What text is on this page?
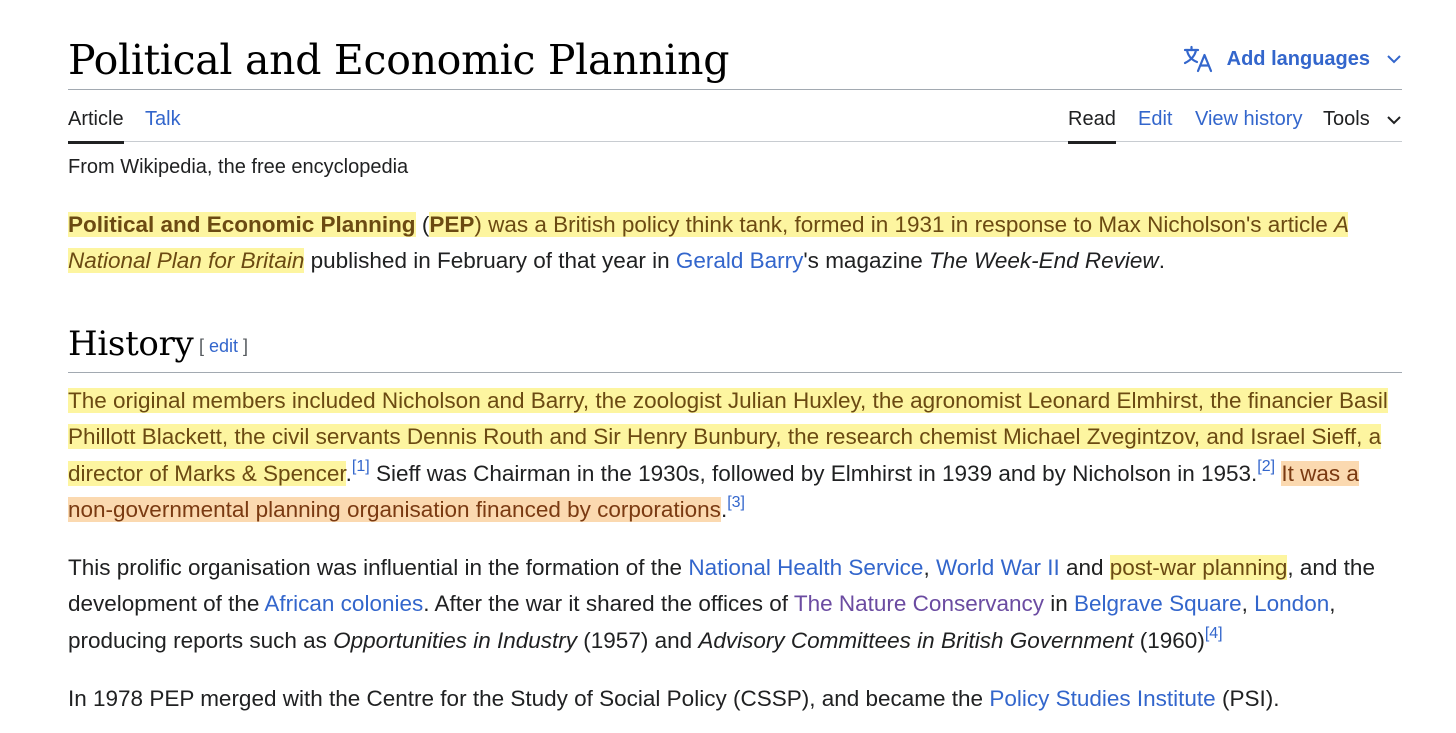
Political and Economic Planning	Add languages
Article Talk	Read Edit View history Tools
From Wikipedia, the free encyclopedia

Political and Economic Planning (PEP) was a British policy think tank, formed in 1931 in response to Max Nicholson's article A National Plan for Britain published in February of that year in Gerald Barry's magazine The Week-End Review.

History [ edit ]

The original members included Nicholson and Barry, the zoologist Julian Huxley, the agronomist Leonard Elmhirst, the financier Basil Phillott Blackett, the civil servants Dennis Routh and Sir Henry Bunbury, the research chemist Michael Zvegintzov, and Israel Sieff, a director of Marks & Spencer.[1] Sieff was Chairman in the 1930s, followed by Elmhirst in 1939 and by Nicholson in 1953.[2] It was a non-governmental planning organisation financed by corporations.[3]

This prolific organisation was influential in the formation of the National Health Service, World War II and post-war planning, and the development of the African colonies. After the war it shared the offices of The Nature Conservancy in Belgrave Square, London, producing reports such as Opportunities in Industry (1957) and Advisory Committees in British Government (1960)[4]

In 1978 PEP merged with the Centre for the Study of Social Policy (CSSP), and became the Policy Studies Institute (PSI).
